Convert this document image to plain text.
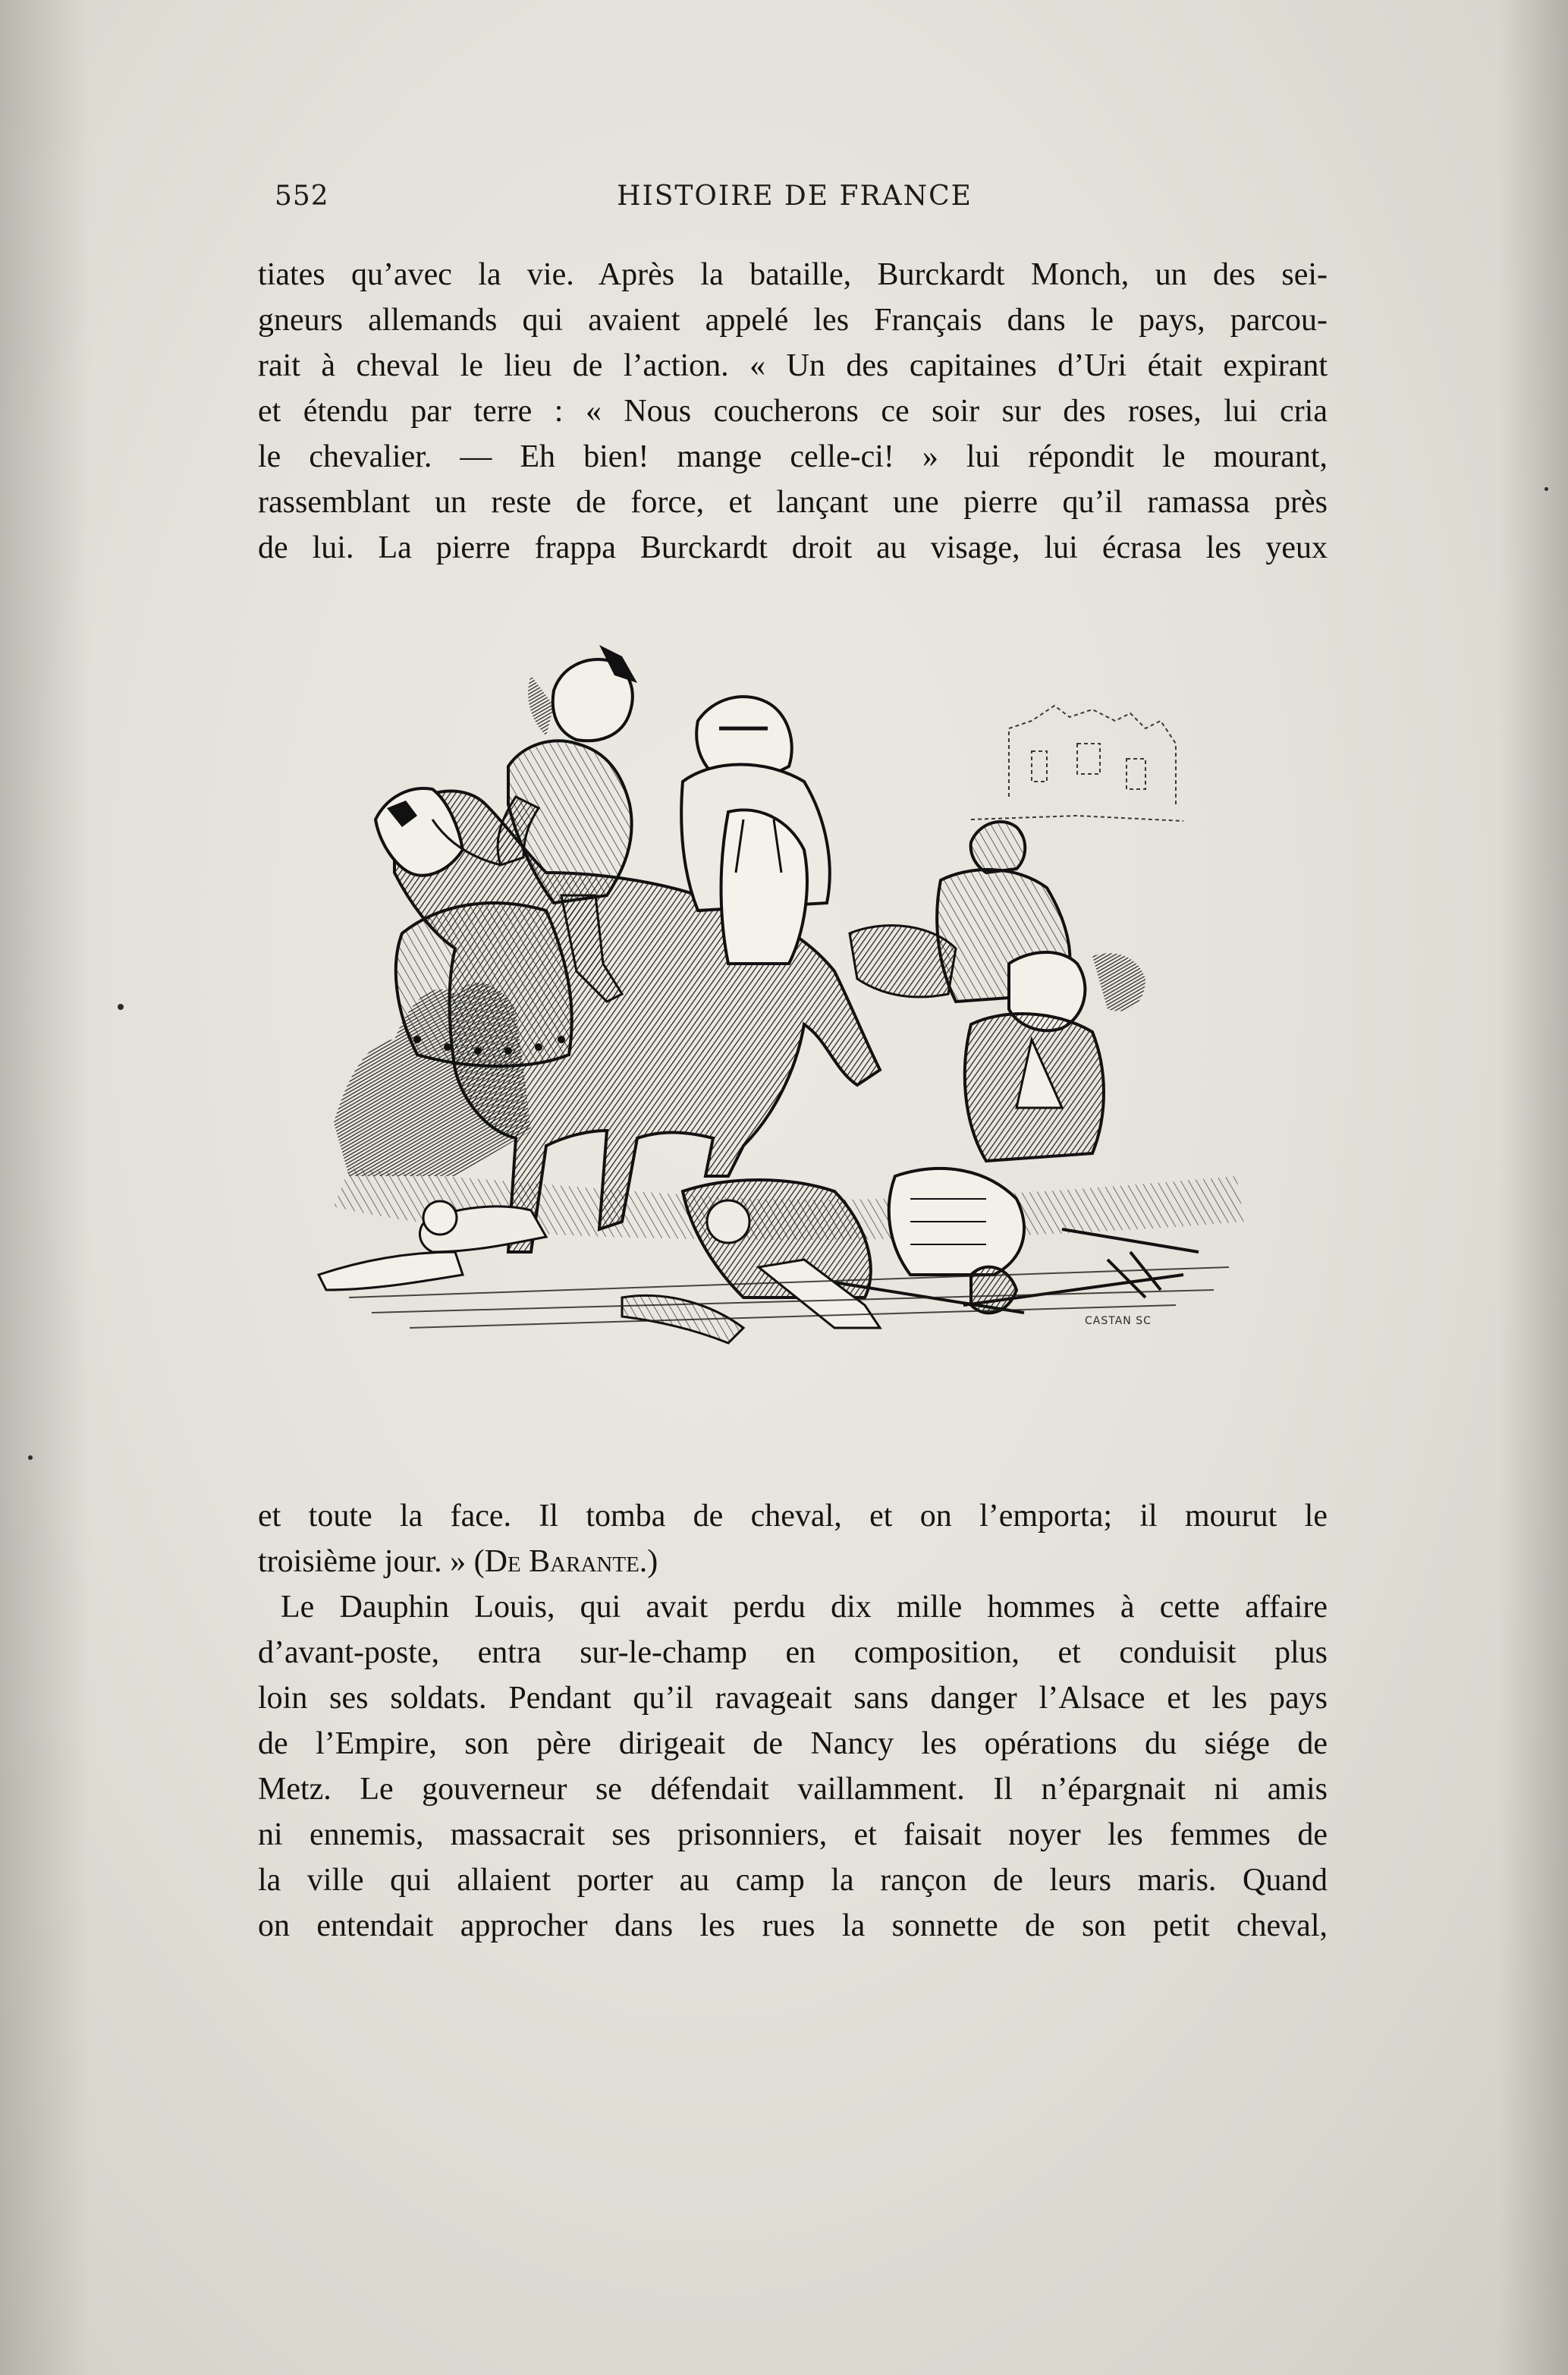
552	HISTOIRE DE FRANCE
tiates qu’avec la vie. Après la bataille, Burckardt Monch, un des sei-
gneurs allemands qui avaient appelé les Français dans le pays, parcou-
rait à cheval le lieu de l’action. « Un des capitaines d’Uri était expirant
et étendu par terre : « Nous coucherons ce soir sur des roses, lui cria
le chevalier. — Eh bien! mange celle-ci! » lui répondit le mourant,
rassemblant un reste de force, et lançant une pierre qu’il ramassa près
de lui. La pierre frappa Burckardt droit au visage, lui écrasa les yeux
CASTAN SC
et toute la face. Il tomba de cheval, et on l’emporta; il mourut le
troisième jour. » (De Barante.)
Le Dauphin Louis, qui avait perdu dix mille hommes à cette affaire
d’avant-poste, entra sur-le-champ en composition, et conduisit plus
loin ses soldats. Pendant qu’il ravageait sans danger l’Alsace et les pays
de l’Empire, son père dirigeait de Nancy les opérations du siége de
Metz. Le gouverneur se défendait vaillamment. Il n’épargnait ni amis
ni ennemis, massacrait ses prisonniers, et faisait noyer les femmes de
la ville qui allaient porter au camp la rançon de leurs maris. Quand
on entendait approcher dans les rues la sonnette de son petit cheval,
